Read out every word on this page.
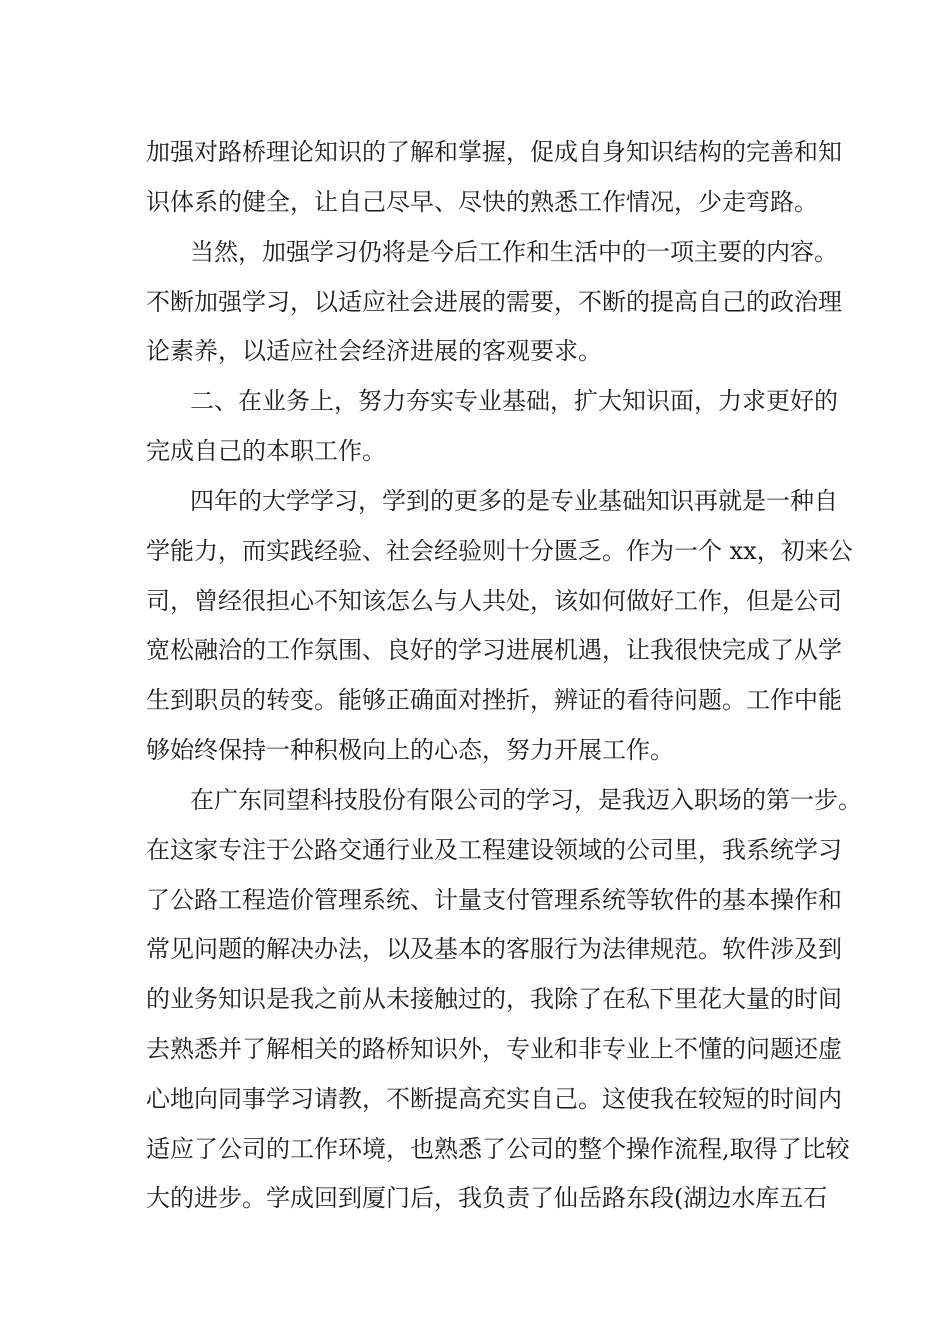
加强对路桥理论知识的了解和掌握，促成自身知识结构的完善和知
识体系的健全，让自己尽早、尽快的熟悉工作情况，少走弯路。
当然，加强学习仍将是今后工作和生活中的一项主要的内容。
不断加强学习，以适应社会进展的需要，不断的提高自己的政治理
论素养，以适应社会经济进展的客观要求。
二、在业务上，努力夯实专业基础，扩大知识面，力求更好的
完成自己的本职工作。
四年的大学学习，学到的更多的是专业基础知识再就是一种自
学能力，而实践经验、社会经验则十分匮乏。作为一个 xx，初来公
司，曾经很担心不知该怎么与人共处，该如何做好工作，但是公司
宽松融洽的工作氛围、良好的学习进展机遇，让我很快完成了从学
生到职员的转变。能够正确面对挫折，辨证的看待问题。工作中能
够始终保持一种积极向上的心态，努力开展工作。
在广东同望科技股份有限公司的学习，是我迈入职场的第一步。
在这家专注于公路交通行业及工程建设领域的公司里，我系统学习
了公路工程造价管理系统、计量支付管理系统等软件的基本操作和
常见问题的解决办法，以及基本的客服行为法律规范。软件涉及到
的业务知识是我之前从未接触过的，我除了在私下里花大量的时间
去熟悉并了解相关的路桥知识外，专业和非专业上不懂的问题还虚
心地向同事学习请教，不断提高充实自己。这使我在较短的时间内
适应了公司的工作环境，也熟悉了公司的整个操作流程,取得了比较
大的进步。学成回到厦门后，我负责了仙岳路东段(湖边水库五石
